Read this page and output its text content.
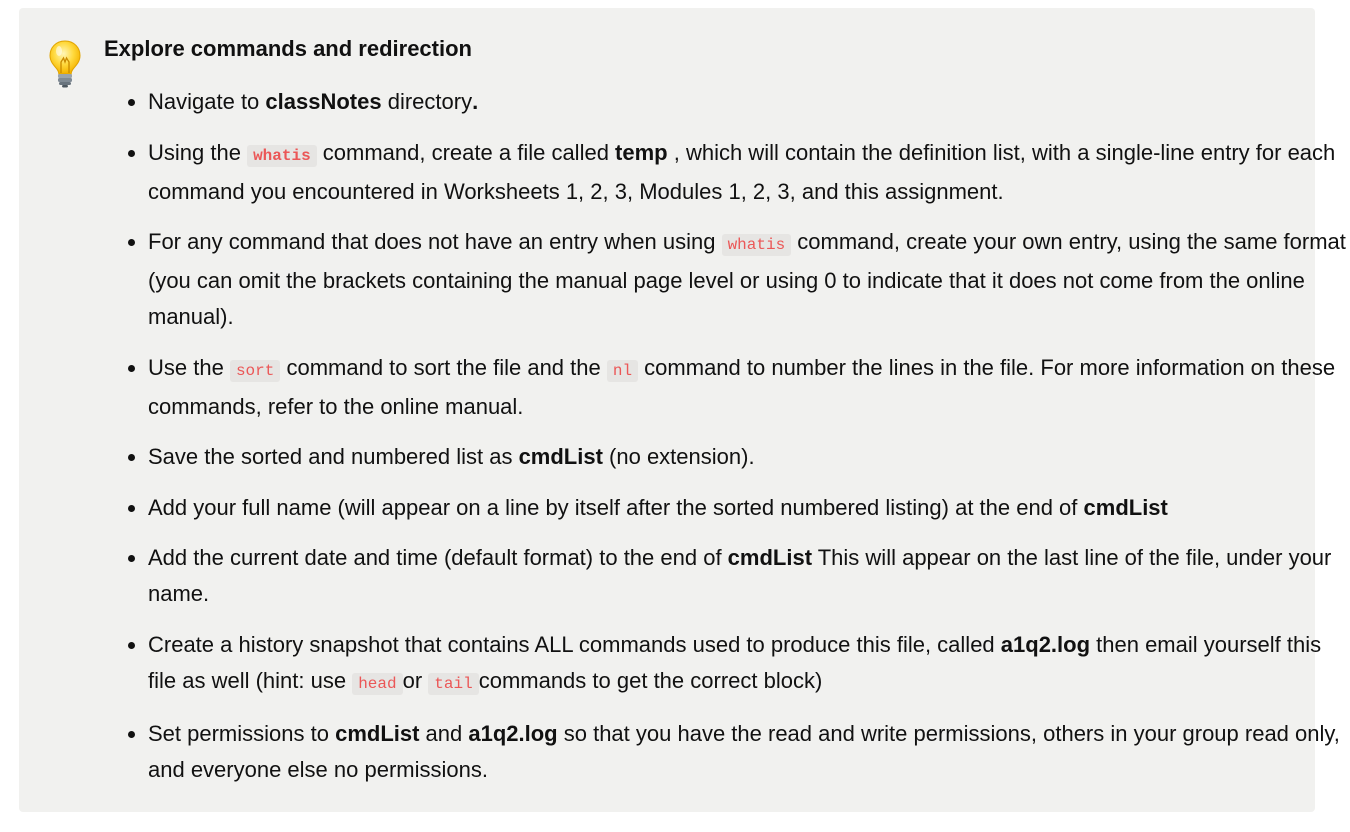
Explore commands and redirection
• Navigate to classNotes directory.
• Using the whatis command, create a file called temp , which will contain the definition list, with a single-line entry for each command you encountered in Worksheets 1, 2, 3, Modules 1, 2, 3, and this assignment.
• For any command that does not have an entry when using whatis command, create your own entry, using the same format (you can omit the brackets containing the manual page level or using 0 to indicate that it does not come from the online manual).
• Use the sort command to sort the file and the nl command to number the lines in the file. For more information on these commands, refer to the online manual.
• Save the sorted and numbered list as cmdList (no extension).
• Add your full name (will appear on a line by itself after the sorted numbered listing) at the end of cmdList
• Add the current date and time (default format) to the end of cmdList This will appear on the last line of the file, under your name.
• Create a history snapshot that contains ALL commands used to produce this file, called a1q2.log then email yourself this file as well (hint: use head or tail commands to get the correct block)
• Set permissions to cmdList and a1q2.log so that you have the read and write permissions, others in your group read only, and everyone else no permissions.
